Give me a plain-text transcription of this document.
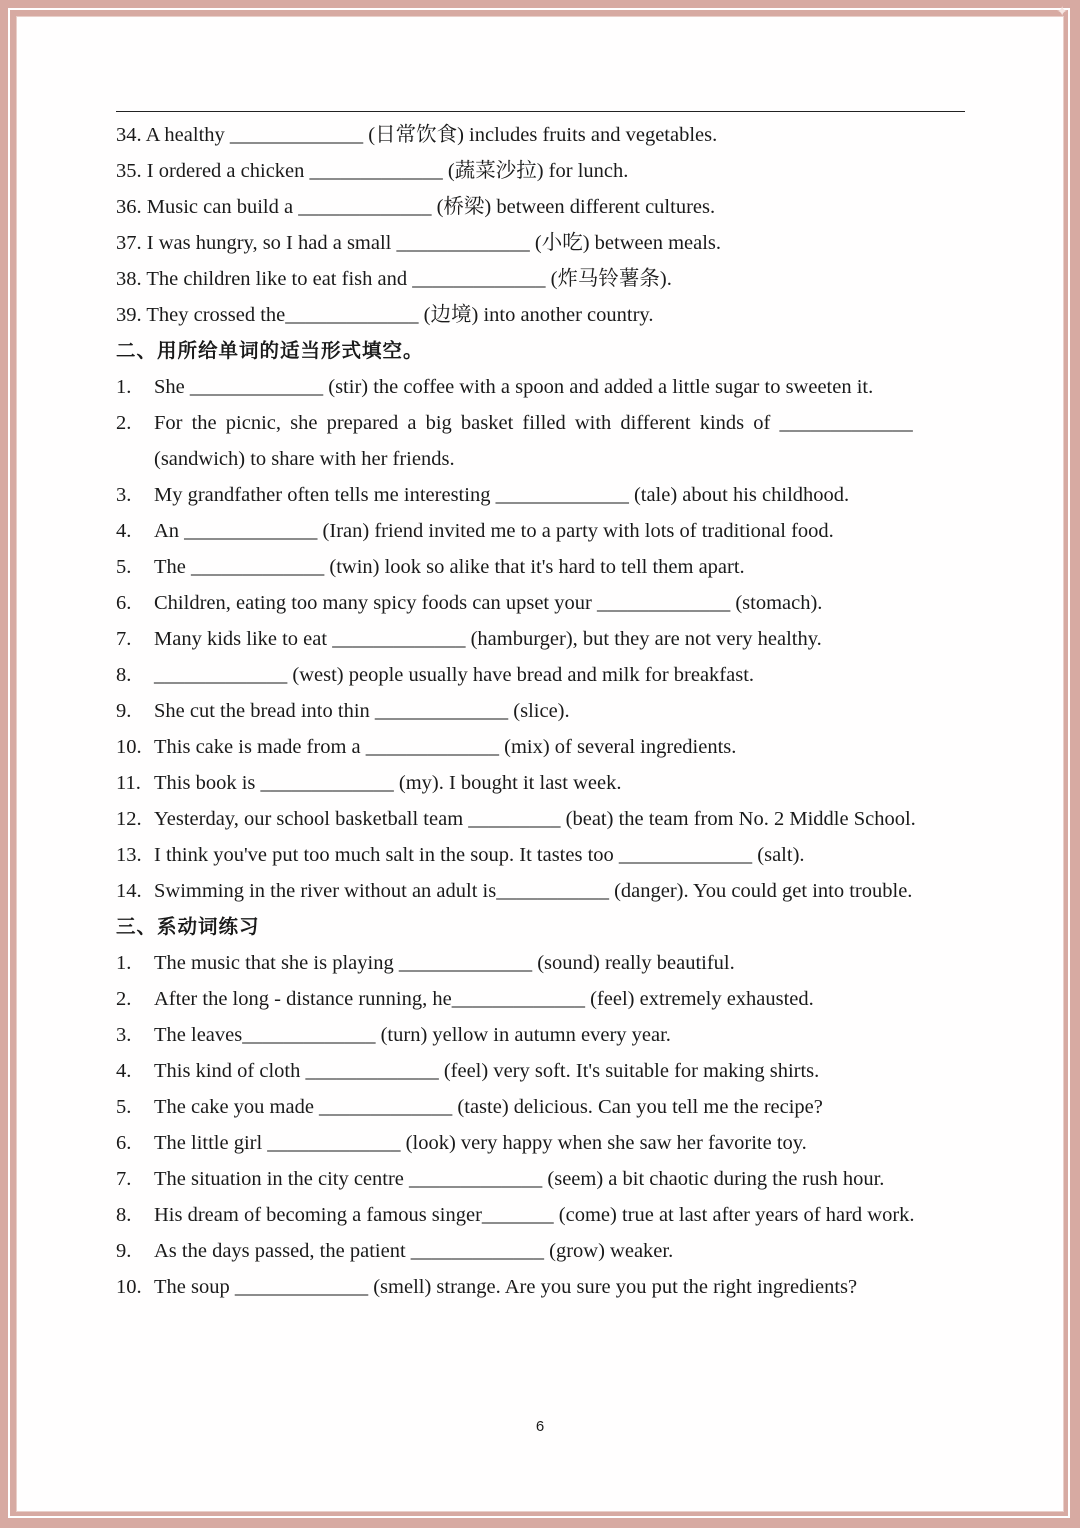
✦
34. A healthy _____________ (日常饮食) includes fruits and vegetables.
35. I ordered a chicken _____________ (蔬菜沙拉) for lunch.
36. Music can build a _____________ (桥梁) between different cultures.
37. I was hungry, so I had a small _____________ (小吃) between meals.
38. The children like to eat fish and _____________ (炸马铃薯条).
39. They crossed the_____________ (边境) into another country.
二、用所给单词的适当形式填空。
1. She _____________ (stir) the coffee with a spoon and added a little sugar to sweeten it.
2. For the picnic, she prepared a big basket filled with different kinds of _____________
(sandwich) to share with her friends.
3. My grandfather often tells me interesting _____________ (tale) about his childhood.
4. An _____________ (Iran) friend invited me to a party with lots of traditional food.
5. The _____________ (twin) look so alike that it's hard to tell them apart.
6. Children, eating too many spicy foods can upset your _____________ (stomach).
7. Many kids like to eat _____________ (hamburger), but they are not very healthy.
8. _____________ (west) people usually have bread and milk for breakfast.
9. She cut the bread into thin _____________ (slice).
10. This cake is made from a _____________ (mix) of several ingredients.
11. This book is _____________ (my). I bought it last week.
12. Yesterday, our school basketball team _________ (beat) the team from No. 2 Middle School.
13. I think you've put too much salt in the soup. It tastes too _____________ (salt).
14. Swimming in the river without an adult is___________ (danger). You could get into trouble.
三、系动词练习
1. The music that she is playing _____________ (sound) really beautiful.
2. After the long - distance running, he_____________ (feel) extremely exhausted.
3. The leaves_____________ (turn) yellow in autumn every year.
4. This kind of cloth _____________ (feel) very soft. It's suitable for making shirts.
5. The cake you made _____________ (taste) delicious. Can you tell me the recipe?
6. The little girl _____________ (look) very happy when she saw her favorite toy.
7. The situation in the city centre _____________ (seem) a bit chaotic during the rush hour.
8. His dream of becoming a famous singer_______ (come) true at last after years of hard work.
9. As the days passed, the patient _____________ (grow) weaker.
10. The soup _____________ (smell) strange. Are you sure you put the right ingredients?
6
